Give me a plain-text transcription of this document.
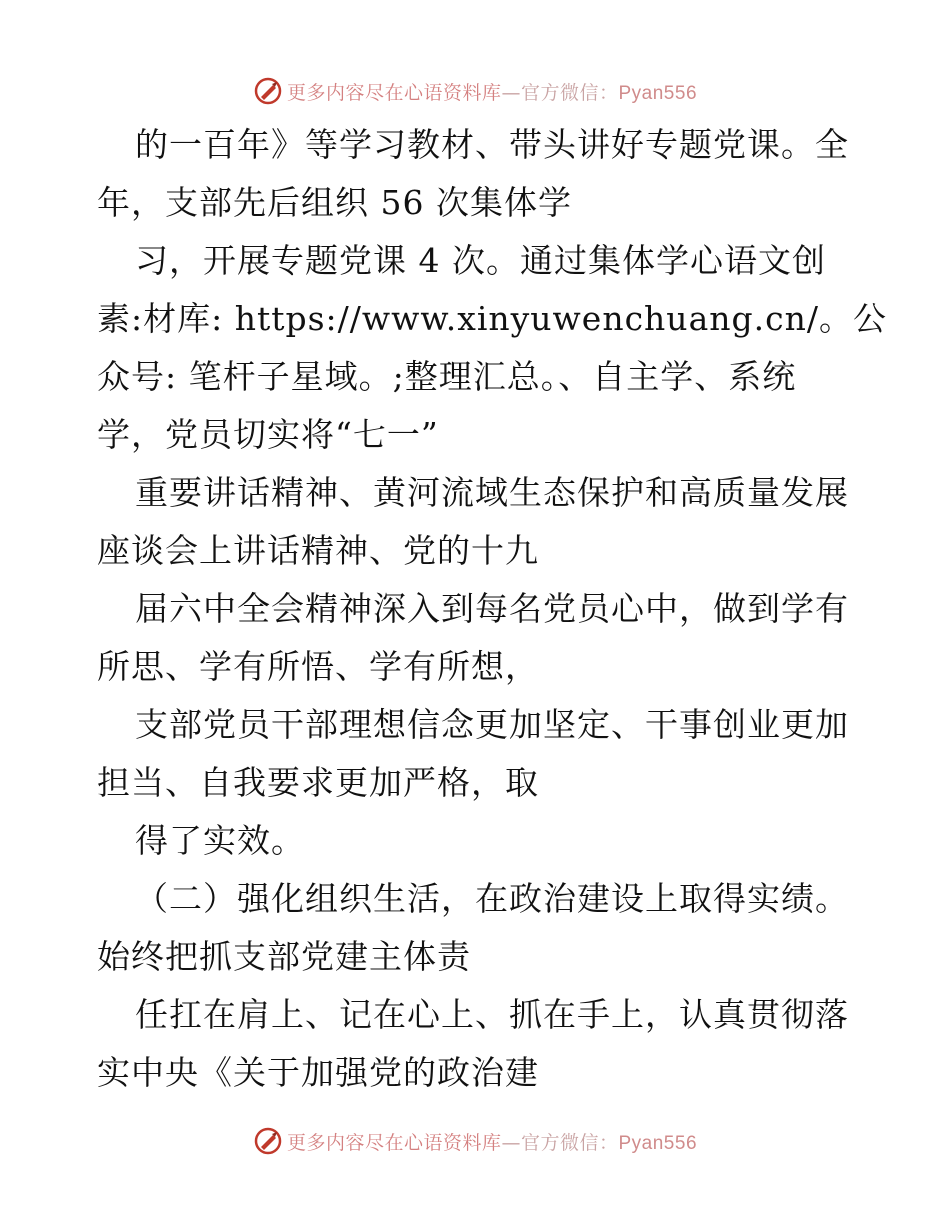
更多内容尽在心语资料库—官方微信：Pyan556
的一百年》等学习教材、带头讲好专题党课。全
年，支部先后组织 56 次集体学
习，开展专题党课 4 次。通过集体学心语文创
素:材库: https://www.xinyuwenchuang.cn/。公
众号: 笔杆子星域。;整理汇总。、自主学、系统
学，党员切实将“七一”
重要讲话精神、黄河流域生态保护和高质量发展
座谈会上讲话精神、党的十九
届六中全会精神深入到每名党员心中，做到学有
所思、学有所悟、学有所想，
支部党员干部理想信念更加坚定、干事创业更加
担当、自我要求更加严格，取
得了实效。
（二）强化组织生活，在政治建设上取得实绩。
始终把抓支部党建主体责
任扛在肩上、记在心上、抓在手上，认真贯彻落
实中央《关于加强党的政治建
更多内容尽在心语资料库—官方微信：Pyan556
